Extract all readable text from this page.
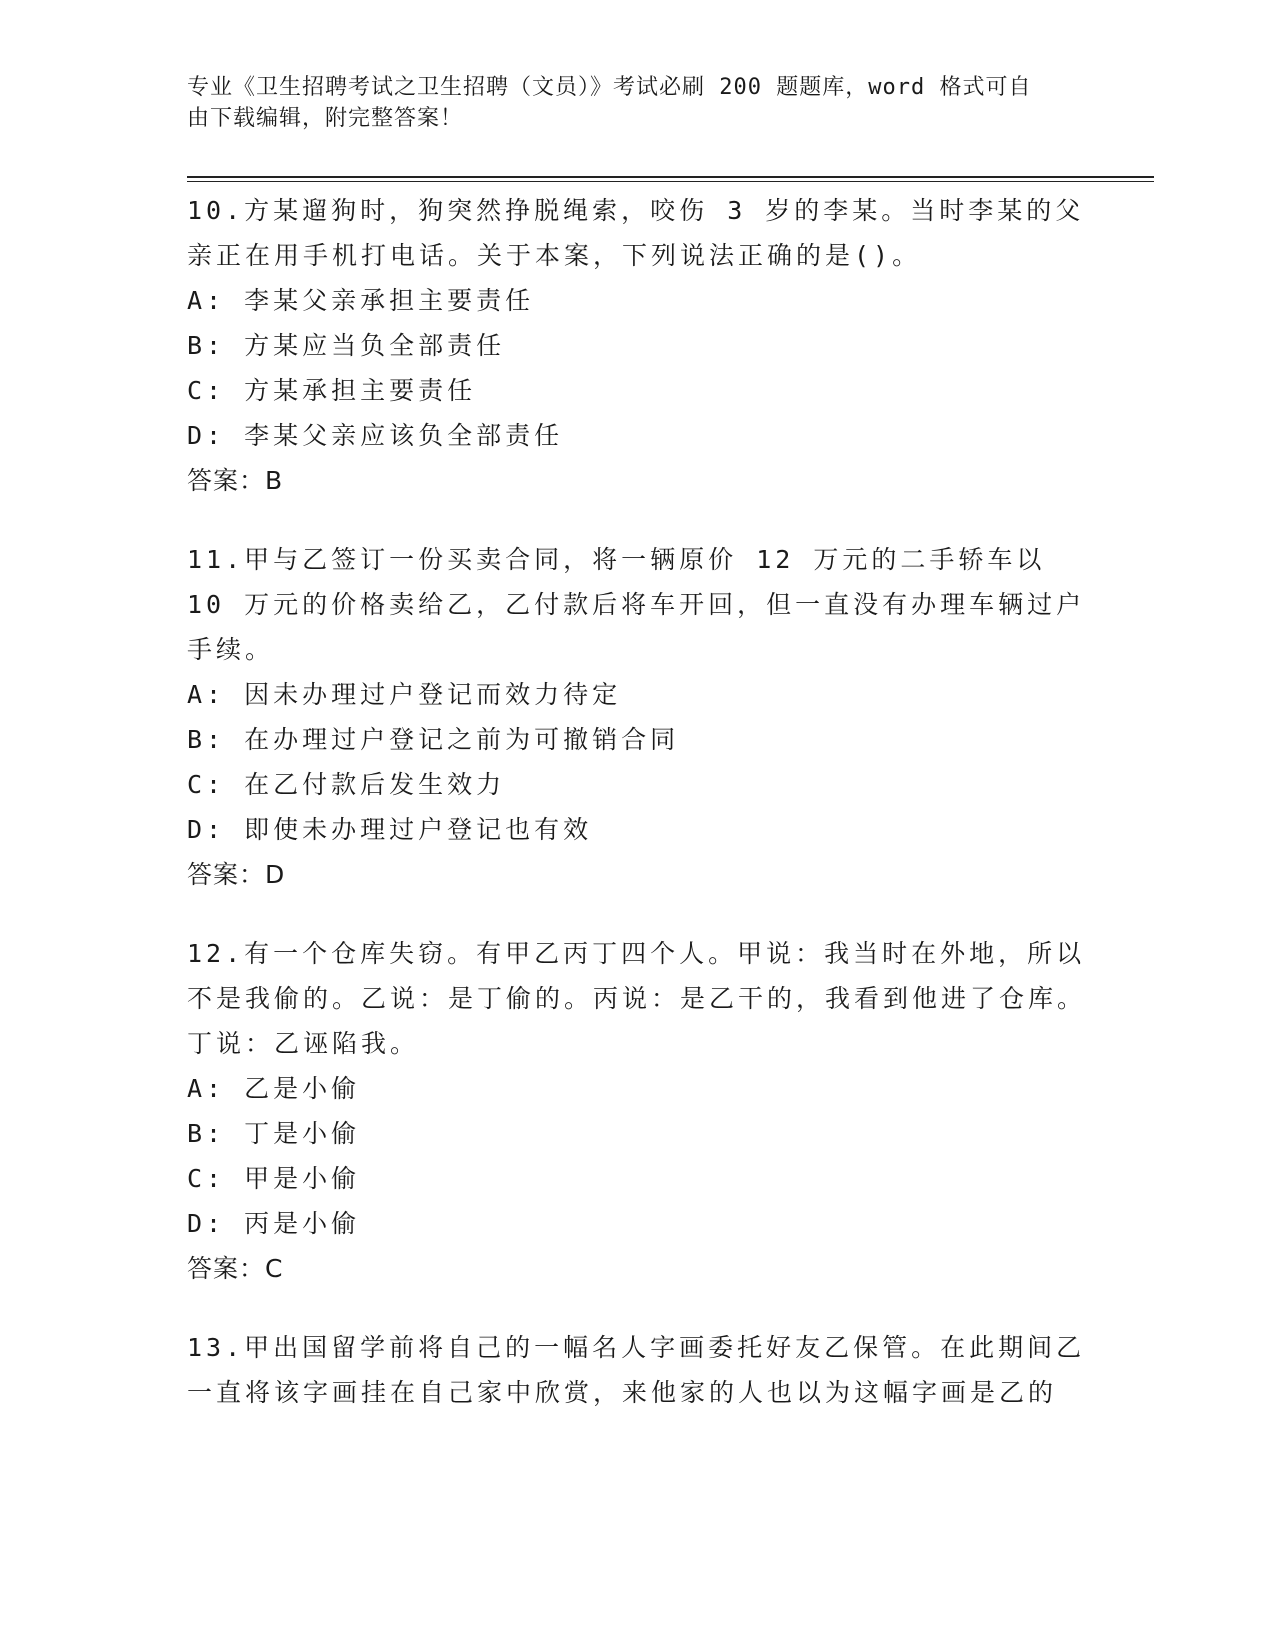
专业《卫生招聘考试之卫生招聘（文员）》考试必刷 200 题题库，word 格式可自
由下载编辑，附完整答案！
10.方某遛狗时，狗突然挣脱绳索，咬伤 3 岁的李某。当时李某的父亲正在用手机打电话。关于本案，下列说法正确的是()。
A: 李某父亲承担主要责任
B: 方某应当负全部责任
C: 方某承担主要责任
D: 李某父亲应该负全部责任
答案：B
11.甲与乙签订一份买卖合同，将一辆原价 12 万元的二手轿车以 10 万元的价格卖给乙，乙付款后将车开回，但一直没有办理车辆过户手续。
A: 因未办理过户登记而效力待定
B: 在办理过户登记之前为可撤销合同
C: 在乙付款后发生效力
D: 即使未办理过户登记也有效
答案：D
12.有一个仓库失窃。有甲乙丙丁四个人。甲说：我当时在外地，所以不是我偷的。乙说：是丁偷的。丙说：是乙干的，我看到他进了仓库。丁说：乙诬陷我。
A: 乙是小偷
B: 丁是小偷
C: 甲是小偷
D: 丙是小偷
答案：C
13.甲出国留学前将自己的一幅名人字画委托好友乙保管。在此期间乙一直将该字画挂在自己家中欣赏，来他家的人也以为这幅字画是乙的
